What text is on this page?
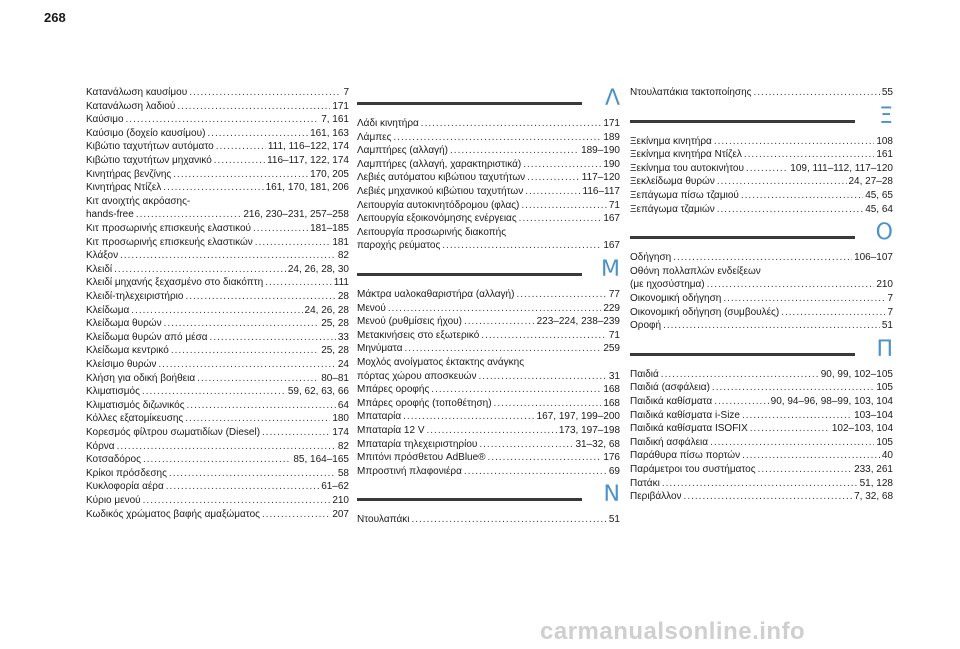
268
Κατανάλωση καυσίμου .....	7
Κατανάλωση λαδιού .....	171
Καύσιμο .....	7, 161
Καύσιμο (δοχείο καυσίμου) .....	161, 163
Κιβώτιο ταχυτήτων αυτόματο .....	111, 116–122, 174
Κιβώτιο ταχυτήτων μηχανικό .....	116–117, 122, 174
Κινητήρας βενζίνης .....	170, 205
Κινητήρας Ντίζελ .....	161, 170, 181, 206
Κιτ ανοιχτής ακρόασης-
hands-free .....	216, 230–231, 257–258
Κιτ προσωρινής επισκευής ελαστικού .....	181–185
Κιτ προσωρινής επισκευής ελαστικών .....	181
Κλάξον .....	82
Κλειδί .....	24, 26, 28, 30
Κλειδί μηχανής ξεχασμένο στο διακόπτη .....	111
Κλειδί-τηλεχειριστήριο .....	28
Κλείδωμα .....	24, 26, 28
Κλείδωμα θυρών .....	25, 28
Κλείδωμα θυρών από μέσα .....	33
Κλείδωμα κεντρικό .....	25, 28
Κλείσιμο θυρών .....	24
Κλήση για οδική βοήθεια .....	80–81
Κλιματισμός .....	59, 62, 63, 66
Κλιματισμός διζωνικός .....	64
Κόλλες εξατομίκευσης .....	180
Κορεσμός φίλτρου σωματιδίων (Diesel) .....	174
Κόρνα .....	82
Κοτσαδόρος .....	85, 164–165
Κρίκοι πρόσδεσης .....	58
Κυκλοφορία αέρα .....	61–62
Κύριο μενού .....	210
Κωδικός χρώματος βαφής αμαξώματος .....	207
Λ
Λάδι κινητήρα .....	171
Λάμπες .....	189
Λαμπτήρες (αλλαγή) .....	189–190
Λαμπτήρες (αλλαγή, χαρακτηριστικά) .....	190
Λεβιές αυτόματου κιβώτιου ταχυτήτων .....	117–120
Λεβιές μηχανικού κιβώτιου ταχυτήτων .....	116–117
Λειτουργία αυτοκινητόδρομου (φλας) .....	71
Λειτουργία εξοικονόμησης ενέργειας .....	167
Λειτουργία προσωρινής διακοπής
παροχής ρεύματος .....	167
Μ
Μάκτρα υαλοκαθαριστήρα (αλλαγή) .....	77
Μενού .....	229
Μενού (ρυθμίσεις ήχου) .....	223–224, 238–239
Μετακινήσεις στο εξωτερικό .....	71
Μηνύματα .....	259
Μοχλός ανοίγματος έκτακτης ανάγκης
πόρτας χώρου αποσκευών .....	31
Μπάρες οροφής .....	168
Μπάρες οροφής (τοποθέτηση) .....	168
Μπαταρία .....	167, 197, 199–200
Μπαταρία 12 V .....	173, 197–198
Μπαταρία τηλεχειριστηρίου .....	31–32, 68
Μπιτόνι πρόσθετου AdBlue® .....	176
Μπροστινή πλαφονιέρα .....	69
Ν
Ντουλαπάκι .....	51
Ντουλαπάκια τακτοποίησης .....	55
Ξ
Ξεκίνημα κινητήρα .....	108
Ξεκίνημα κινητήρα Ντίζελ .....	161
Ξεκίνημα του αυτοκινήτου .....	109, 111–112, 117–120
Ξεκλείδωμα θυρών .....	24, 27–28
Ξεπάγωμα πίσω τζαμιού .....	45, 65
Ξεπάγωμα τζαμιών .....	45, 64
Ο
Οδήγηση .....	106–107
Οθόνη πολλαπλών ενδείξεων
(με ηχοσύστημα) .....	210
Οικονομική οδήγηση .....	7
Οικονομική οδήγηση (συμβουλές) .....	7
Οροφή .....	51
Π
Παιδιά .....	90, 99, 102–105
Παιδιά (ασφάλεια) .....	105
Παιδικά καθίσματα .....	90, 94–96, 98–99, 103, 104
Παιδικά καθίσματα i-Size .....	103–104
Παιδικά καθίσματα ISOFIX .....	102–103, 104
Παιδική ασφάλεια .....	105
Παράθυρα πίσω πορτών .....	40
Παράμετροι του συστήματος .....	233, 261
Πατάκι .....	51, 128
Περιβάλλον .....	7, 32, 68
carmanualsonline.info
